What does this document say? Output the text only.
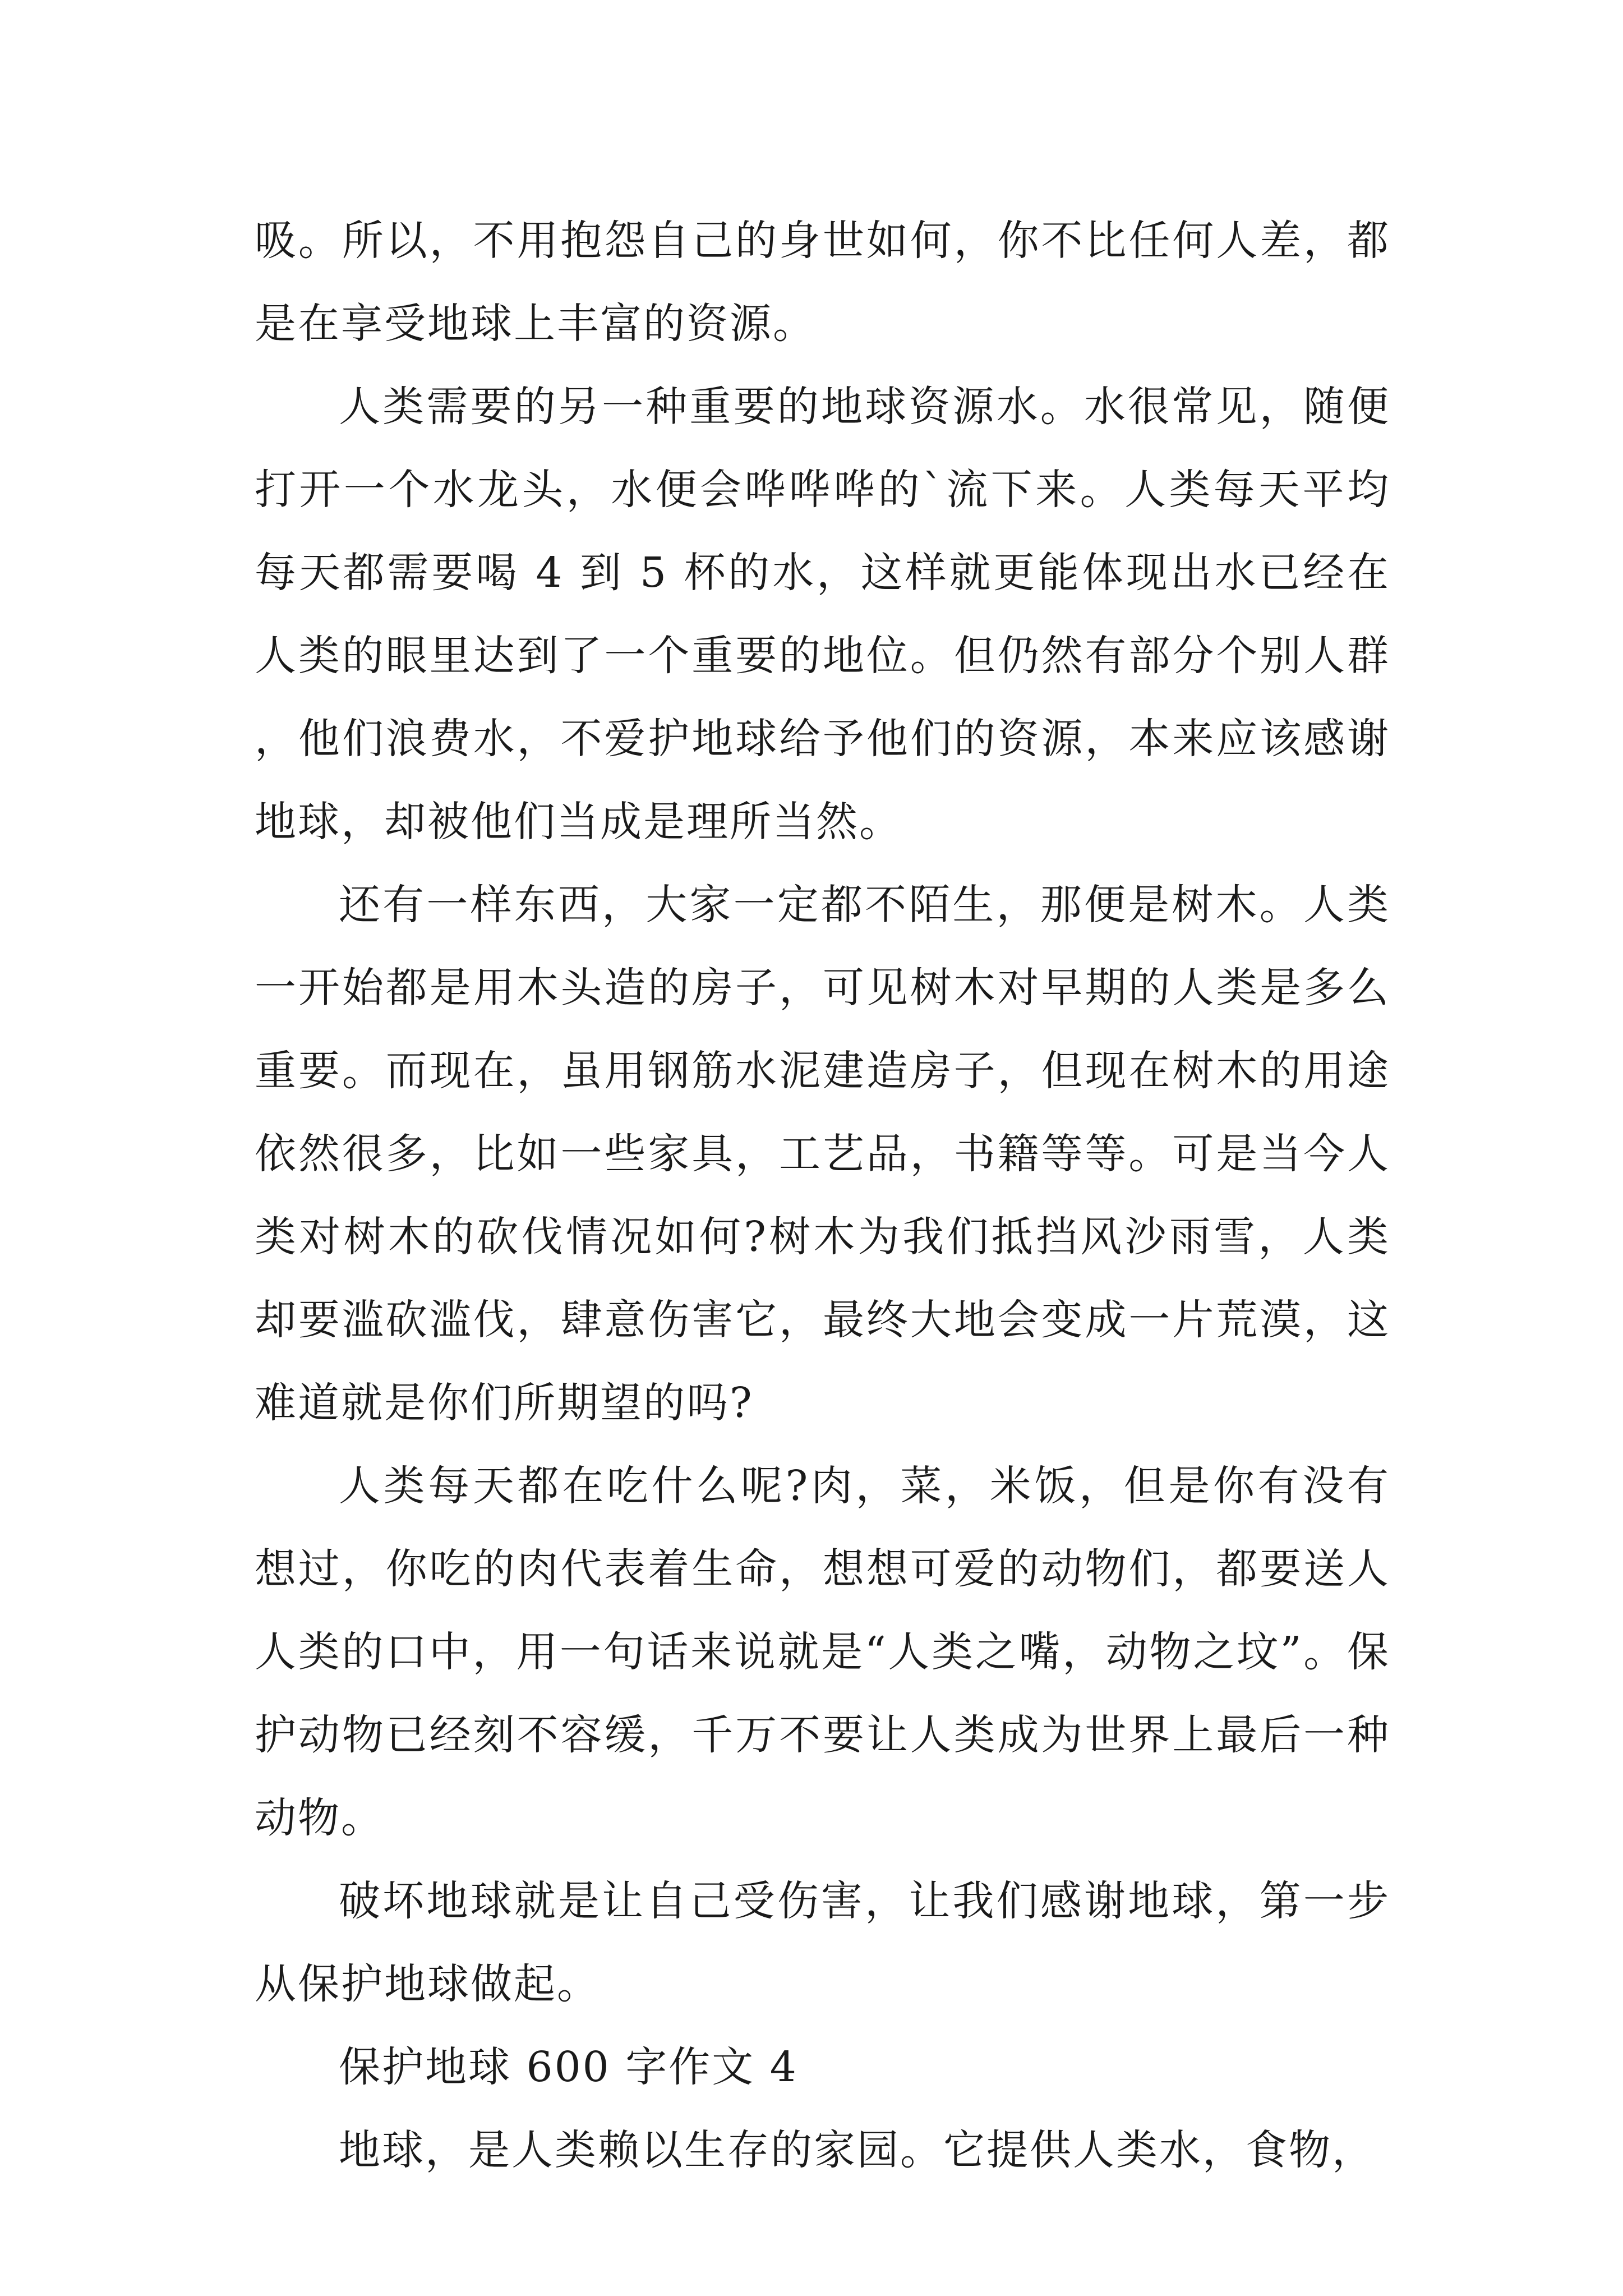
吸。所以，不用抱怨自己的身世如何，你不比任何人差，都是在享受地球上丰富的资源。

人类需要的另一种重要的地球资源水。水很常见，随便打开一个水龙头，水便会哗哗哗的`流下来。人类每天平均每天都需要喝 4 到 5 杯的水，这样就更能体现出水已经在人类的眼里达到了一个重要的地位。但仍然有部分个别人群，他们浪费水，不爱护地球给予他们的资源，本来应该感谢地球，却被他们当成是理所当然。

还有一样东西，大家一定都不陌生，那便是树木。人类一开始都是用木头造的房子，可见树木对早期的人类是多么重要。而现在，虽用钢筋水泥建造房子，但现在树木的用途依然很多，比如一些家具，工艺品，书籍等等。可是当今人类对树木的砍伐情况如何?树木为我们抵挡风沙雨雪，人类却要滥砍滥伐，肆意伤害它，最终大地会变成一片荒漠，这难道就是你们所期望的吗?

人类每天都在吃什么呢?肉，菜，米饭，但是你有没有想过，你吃的肉代表着生命，想想可爱的动物们，都要送人人类的口中，用一句话来说就是“人类之嘴，动物之坟”。保护动物已经刻不容缓，千万不要让人类成为世界上最后一种动物。

破坏地球就是让自己受伤害，让我们感谢地球，第一步从保护地球做起。

保护地球 600 字作文 4

地球，是人类赖以生存的家园。它提供人类水，食物，
